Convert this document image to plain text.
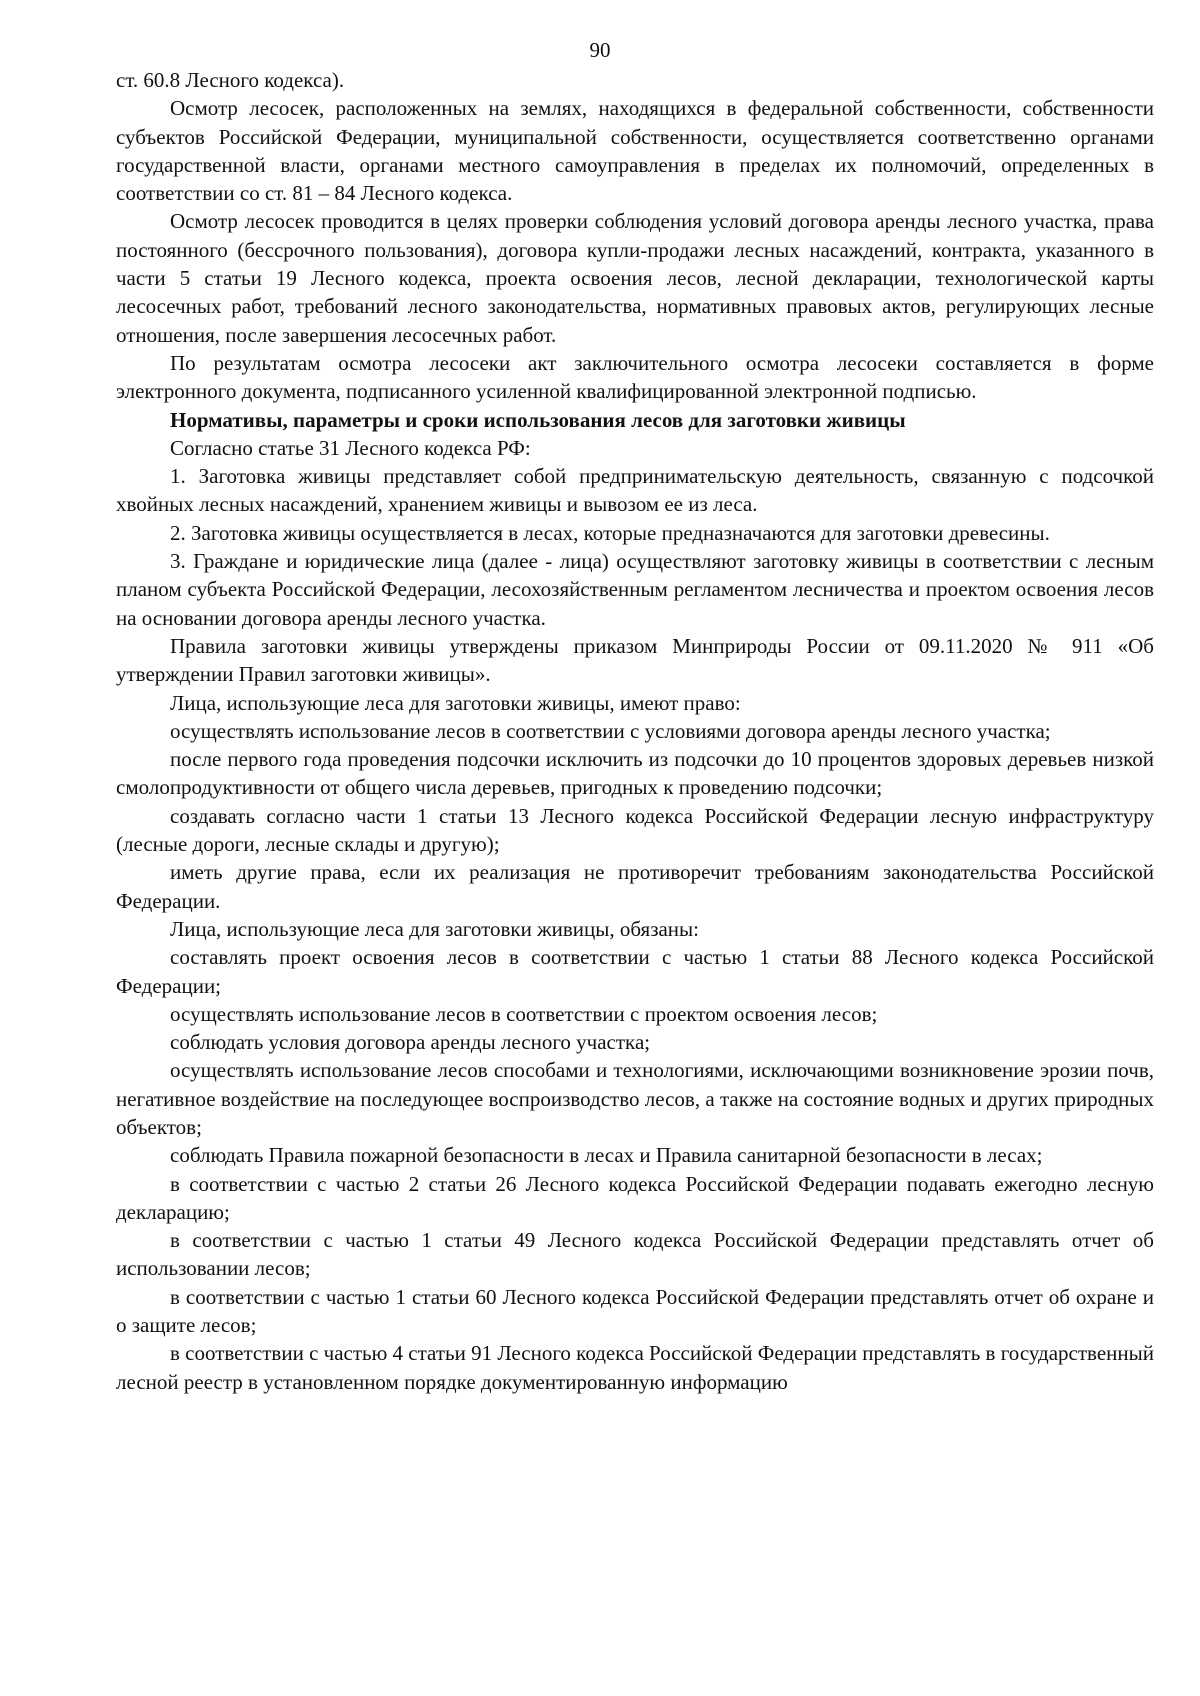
90

ст. 60.8 Лесного кодекса).

Осмотр лесосек, расположенных на землях, находящихся в федеральной собственности, собственности субъектов Российской Федерации, муниципальной собственности, осуществляется соответственно органами государственной власти, органами местного самоуправления в пределах их полномочий, определенных в соответствии со ст. 81 – 84 Лесного кодекса.

Осмотр лесосек проводится в целях проверки соблюдения условий договора аренды лесного участка, права постоянного (бессрочного пользования), договора купли-продажи лесных насаждений, контракта, указанного в части 5 статьи 19 Лесного кодекса, проекта освоения лесов, лесной декларации, технологической карты лесосечных работ, требований лесного законодательства, нормативных правовых актов, регулирующих лесные отношения, после завершения лесосечных работ.

По результатам осмотра лесосеки акт заключительного осмотра лесосеки составляется в форме электронного документа, подписанного усиленной квалифицированной электронной подписью.

Нормативы, параметры и сроки использования лесов для заготовки живицы

Согласно статье 31 Лесного кодекса РФ:

1. Заготовка живицы представляет собой предпринимательскую деятельность, связанную с подсочкой хвойных лесных насаждений, хранением живицы и вывозом ее из леса.

2. Заготовка живицы осуществляется в лесах, которые предназначаются для заготовки древесины.

3. Граждане и юридические лица (далее - лица) осуществляют заготовку живицы в соответствии с лесным планом субъекта Российской Федерации, лесохозяйственным регламентом лесничества и проектом освоения лесов на основании договора аренды лесного участка.

Правила заготовки живицы утверждены приказом Минприроды России от 09.11.2020 № 911 «Об утверждении Правил заготовки живицы».

Лица, использующие леса для заготовки живицы, имеют право:

осуществлять использование лесов в соответствии с условиями договора аренды лесного участка;

после первого года проведения подсочки исключить из подсочки до 10 процентов здоровых деревьев низкой смолопродуктивности от общего числа деревьев, пригодных к проведению подсочки;

создавать согласно части 1 статьи 13 Лесного кодекса Российской Федерации лесную инфраструктуру (лесные дороги, лесные склады и другую);

иметь другие права, если их реализация не противоречит требованиям законодательства Российской Федерации.

Лица, использующие леса для заготовки живицы, обязаны:

составлять проект освоения лесов в соответствии с частью 1 статьи 88 Лесного кодекса Российской Федерации;

осуществлять использование лесов в соответствии с проектом освоения лесов;

соблюдать условия договора аренды лесного участка;

осуществлять использование лесов способами и технологиями, исключающими возникновение эрозии почв, негативное воздействие на последующее воспроизводство лесов, а также на состояние водных и других природных объектов;

соблюдать Правила пожарной безопасности в лесах и Правила санитарной безопасности в лесах;

в соответствии с частью 2 статьи 26 Лесного кодекса Российской Федерации подавать ежегодно лесную декларацию;

в соответствии с частью 1 статьи 49 Лесного кодекса Российской Федерации представлять отчет об использовании лесов;

в соответствии с частью 1 статьи 60 Лесного кодекса Российской Федерации представлять отчет об охране и о защите лесов;

в соответствии с частью 4 статьи 91 Лесного кодекса Российской Федерации представлять в государственный лесной реестр в установленном порядке документированную информацию
